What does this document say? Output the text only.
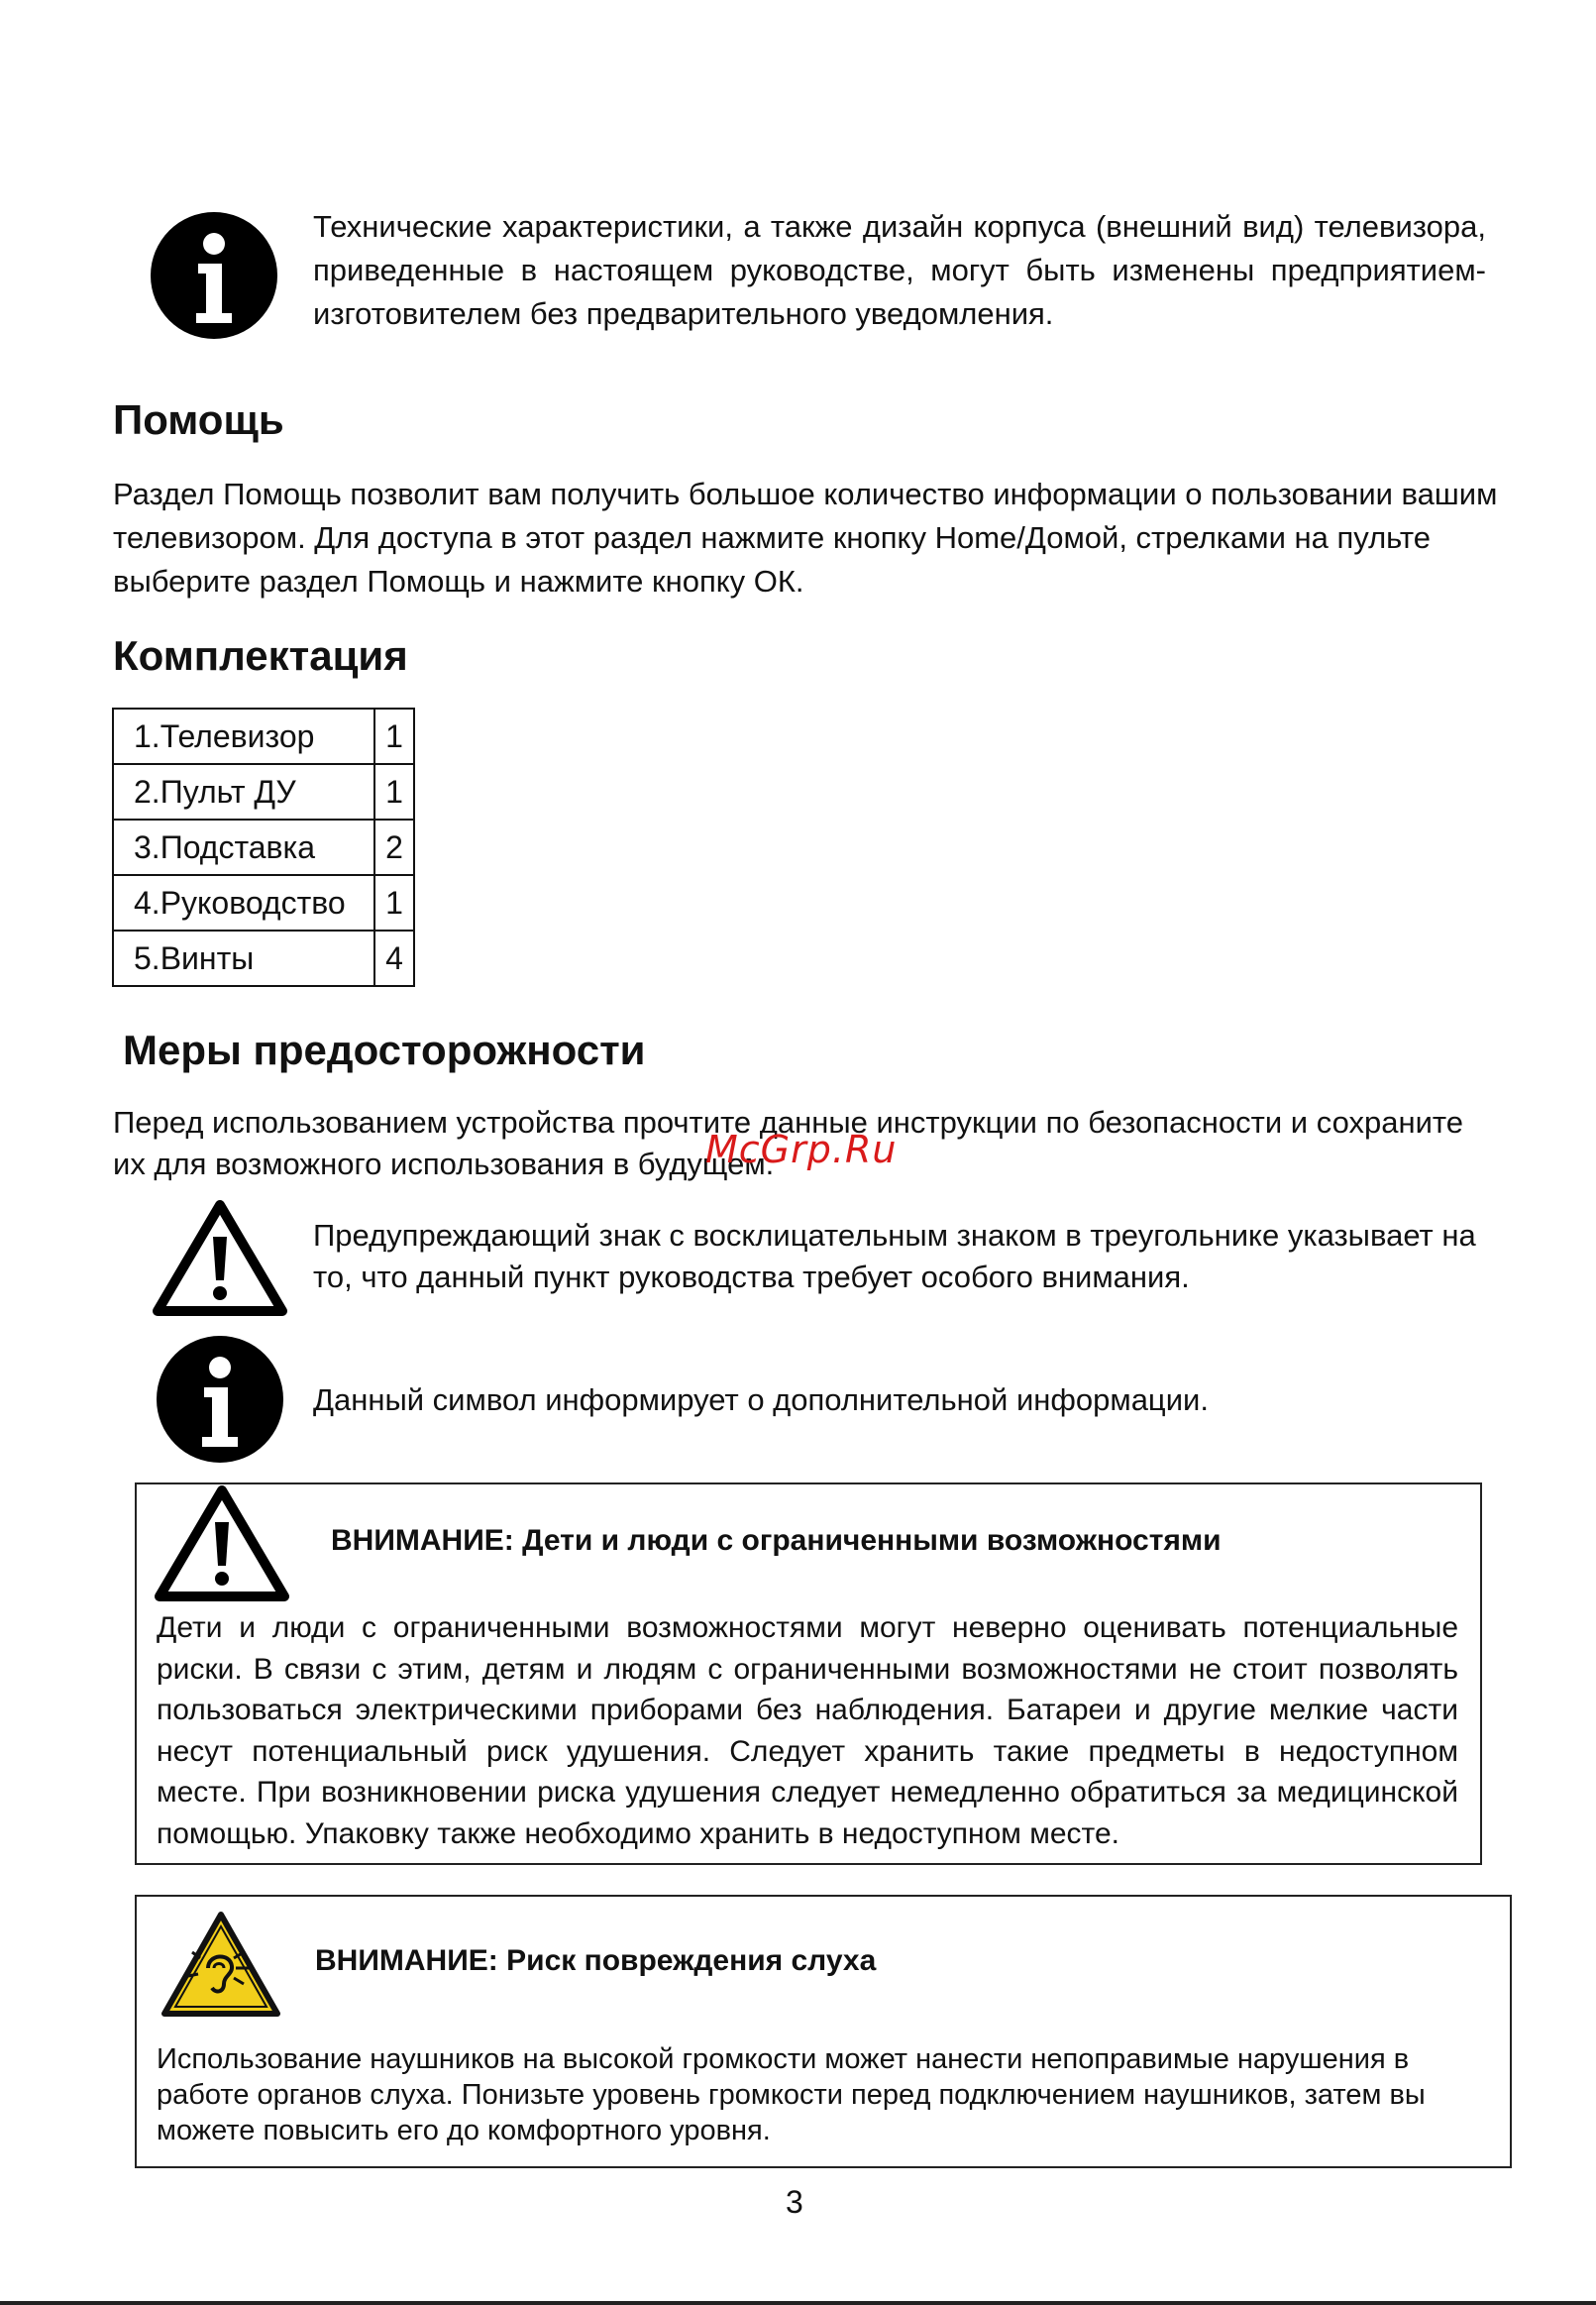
Технические характеристики, а также дизайн корпуса (внешний вид) телевизора, приведенные в настоящем руководстве, могут быть изменены предприятием-изготовителем без предварительного уведомления.

Помощь

Раздел Помощь позволит вам получить большое количество информации о пользовании вашим телевизором. Для доступа в этот раздел нажмите кнопку Home/Домой, стрелками на пульте выберите раздел Помощь и нажмите кнопку ОК.

Комплектация
1.Телевизор	1
2.Пульт ДУ	1
3.Подставка	2
4.Руководство	1
5.Винты	4
Меры предосторожности

Перед использованием устройства прочтите данные инструкции по безопасности и сохраните их для возможного использования в будущем.

McGrp.Ru

Предупреждающий знак с восклицательным знаком в треугольнике указывает на то, что данный пункт руководства требует особого внимания.

Данный символ информирует о дополнительной информации.

ВНИМАНИЕ: Дети и люди с ограниченными возможностями

Дети и люди с ограниченными возможностями могут неверно оценивать потенциальные риски. В связи с этим, детям и людям с ограниченными возможностями не стоит позволять пользоваться электрическими приборами без наблюдения. Батареи и другие мелкие части несут потенциальный риск удушения. Следует хранить такие предметы в недоступном месте. При возникновении риска удушения следует немедленно обратиться за медицинской помощью. Упаковку также необходимо хранить в недоступном месте.

ВНИМАНИЕ: Риск повреждения слуха

Использование наушников на высокой громкости может нанести непоправимые нарушения в работе органов слуха. Понизьте уровень громкости перед подключением наушников, затем вы можете повысить его до комфортного уровня.

3
